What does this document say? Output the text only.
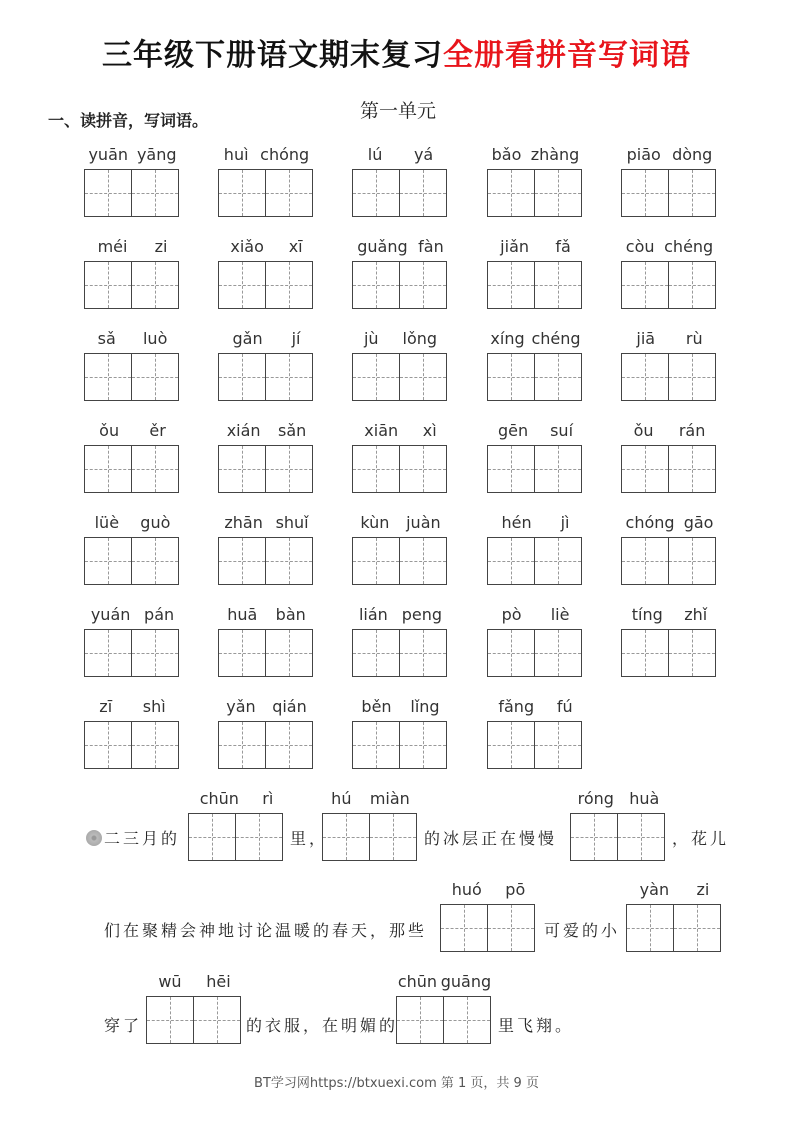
三年级下册语文期末复习全册看拼音写词语
一、读拼音，写词语。	第一单元
yuān yāng	huì chóng	lú yá	bǎo zhàng	piāo dòng
méi zi	xiǎo xī	guǎng fàn	jiǎn fǎ	còu chéng
sǎ luò	gǎn jí	jù lǒng	xíng chéng	jiā rù
ǒu ěr	xián sǎn	xiān xì	gēn suí	ǒu rán
lüè guò	zhān shuǐ	kùn juàn	hén jì	chóng gāo
yuán pán	huā bàn	lián peng	pò liè	tíng zhǐ
zī shì	yǎn qián	běn lǐng	fǎng fú
二三月的
chūn rì
里，
hú miàn
的冰层正在慢慢
róng huà
，花儿
们在聚精会神地讨论温暖的春天，那些
huó pō
可爱的小
yàn zi
穿了
wū hēi
的衣服，在明媚的
chūn guāng
里飞翔。
BT学习网https://btxuexi.com 第 1 页，共 9 页
